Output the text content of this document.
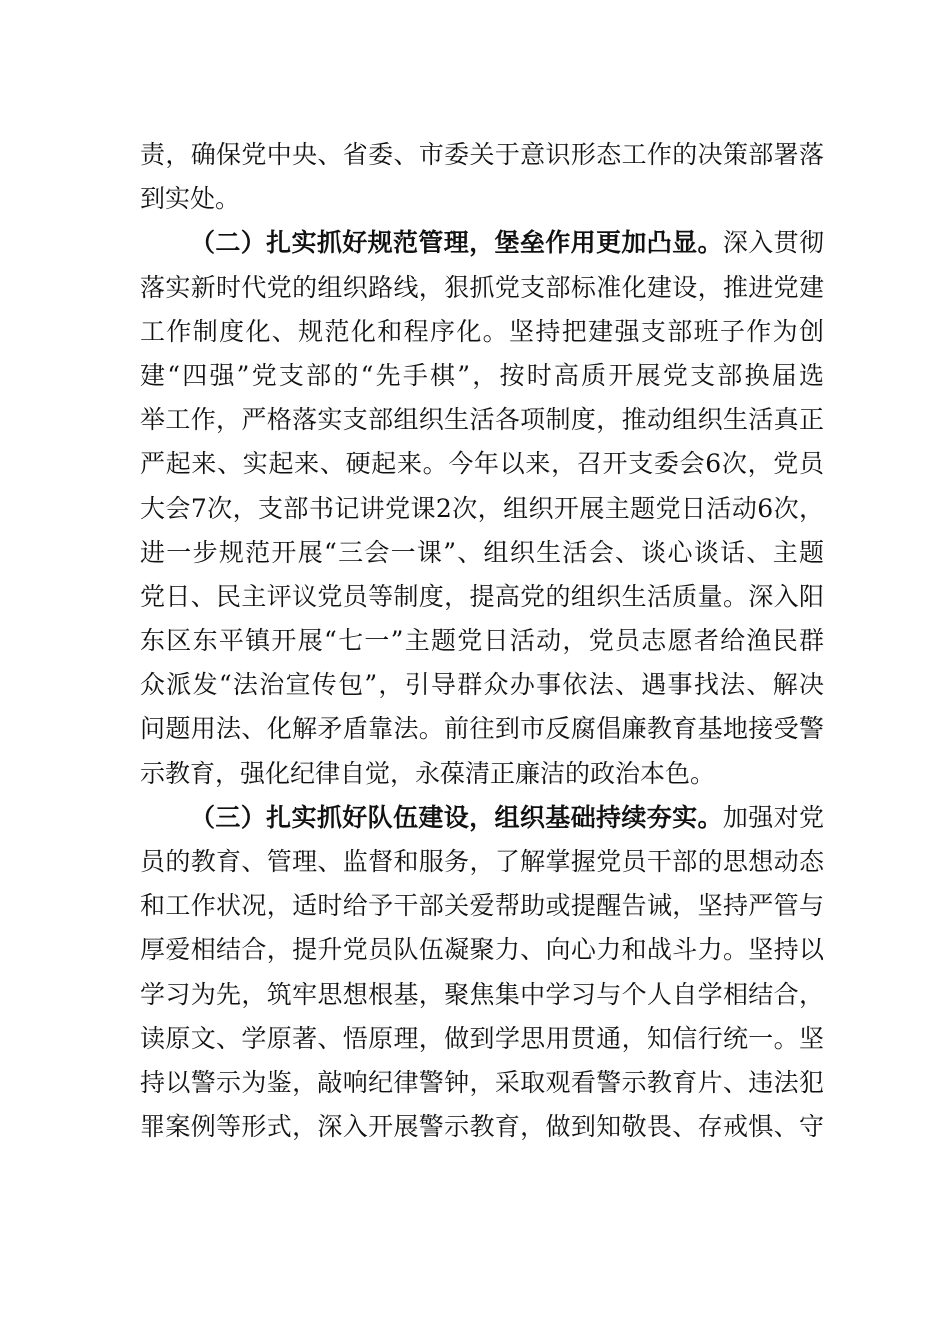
责，确保党中央、省委、市委关于意识形态工作的决策部署落
到实处。
（二）扎实抓好规范管理，堡垒作用更加凸显。深入贯彻
落实新时代党的组织路线，狠抓党支部标准化建设，推进党建
工作制度化、规范化和程序化。坚持把建强支部班子作为创
建“四强”党支部的“先手棋”，按时高质开展党支部换届选
举工作，严格落实支部组织生活各项制度，推动组织生活真正
严起来、实起来、硬起来。今年以来，召开支委会6次，党员
大会7次，支部书记讲党课2次，组织开展主题党日活动6次，
进一步规范开展“三会一课”、组织生活会、谈心谈话、主题
党日、民主评议党员等制度，提高党的组织生活质量。深入阳
东区东平镇开展“七一”主题党日活动，党员志愿者给渔民群
众派发“法治宣传包”，引导群众办事依法、遇事找法、解决
问题用法、化解矛盾靠法。前往到市反腐倡廉教育基地接受警
示教育，强化纪律自觉，永葆清正廉洁的政治本色。
（三）扎实抓好队伍建设，组织基础持续夯实。加强对党
员的教育、管理、监督和服务，了解掌握党员干部的思想动态
和工作状况，适时给予干部关爱帮助或提醒告诫，坚持严管与
厚爱相结合，提升党员队伍凝聚力、向心力和战斗力。坚持以
学习为先，筑牢思想根基，聚焦集中学习与个人自学相结合，
读原文、学原著、悟原理，做到学思用贯通，知信行统一。坚
持以警示为鉴，敲响纪律警钟，采取观看警示教育片、违法犯
罪案例等形式，深入开展警示教育，做到知敬畏、存戒惧、守
